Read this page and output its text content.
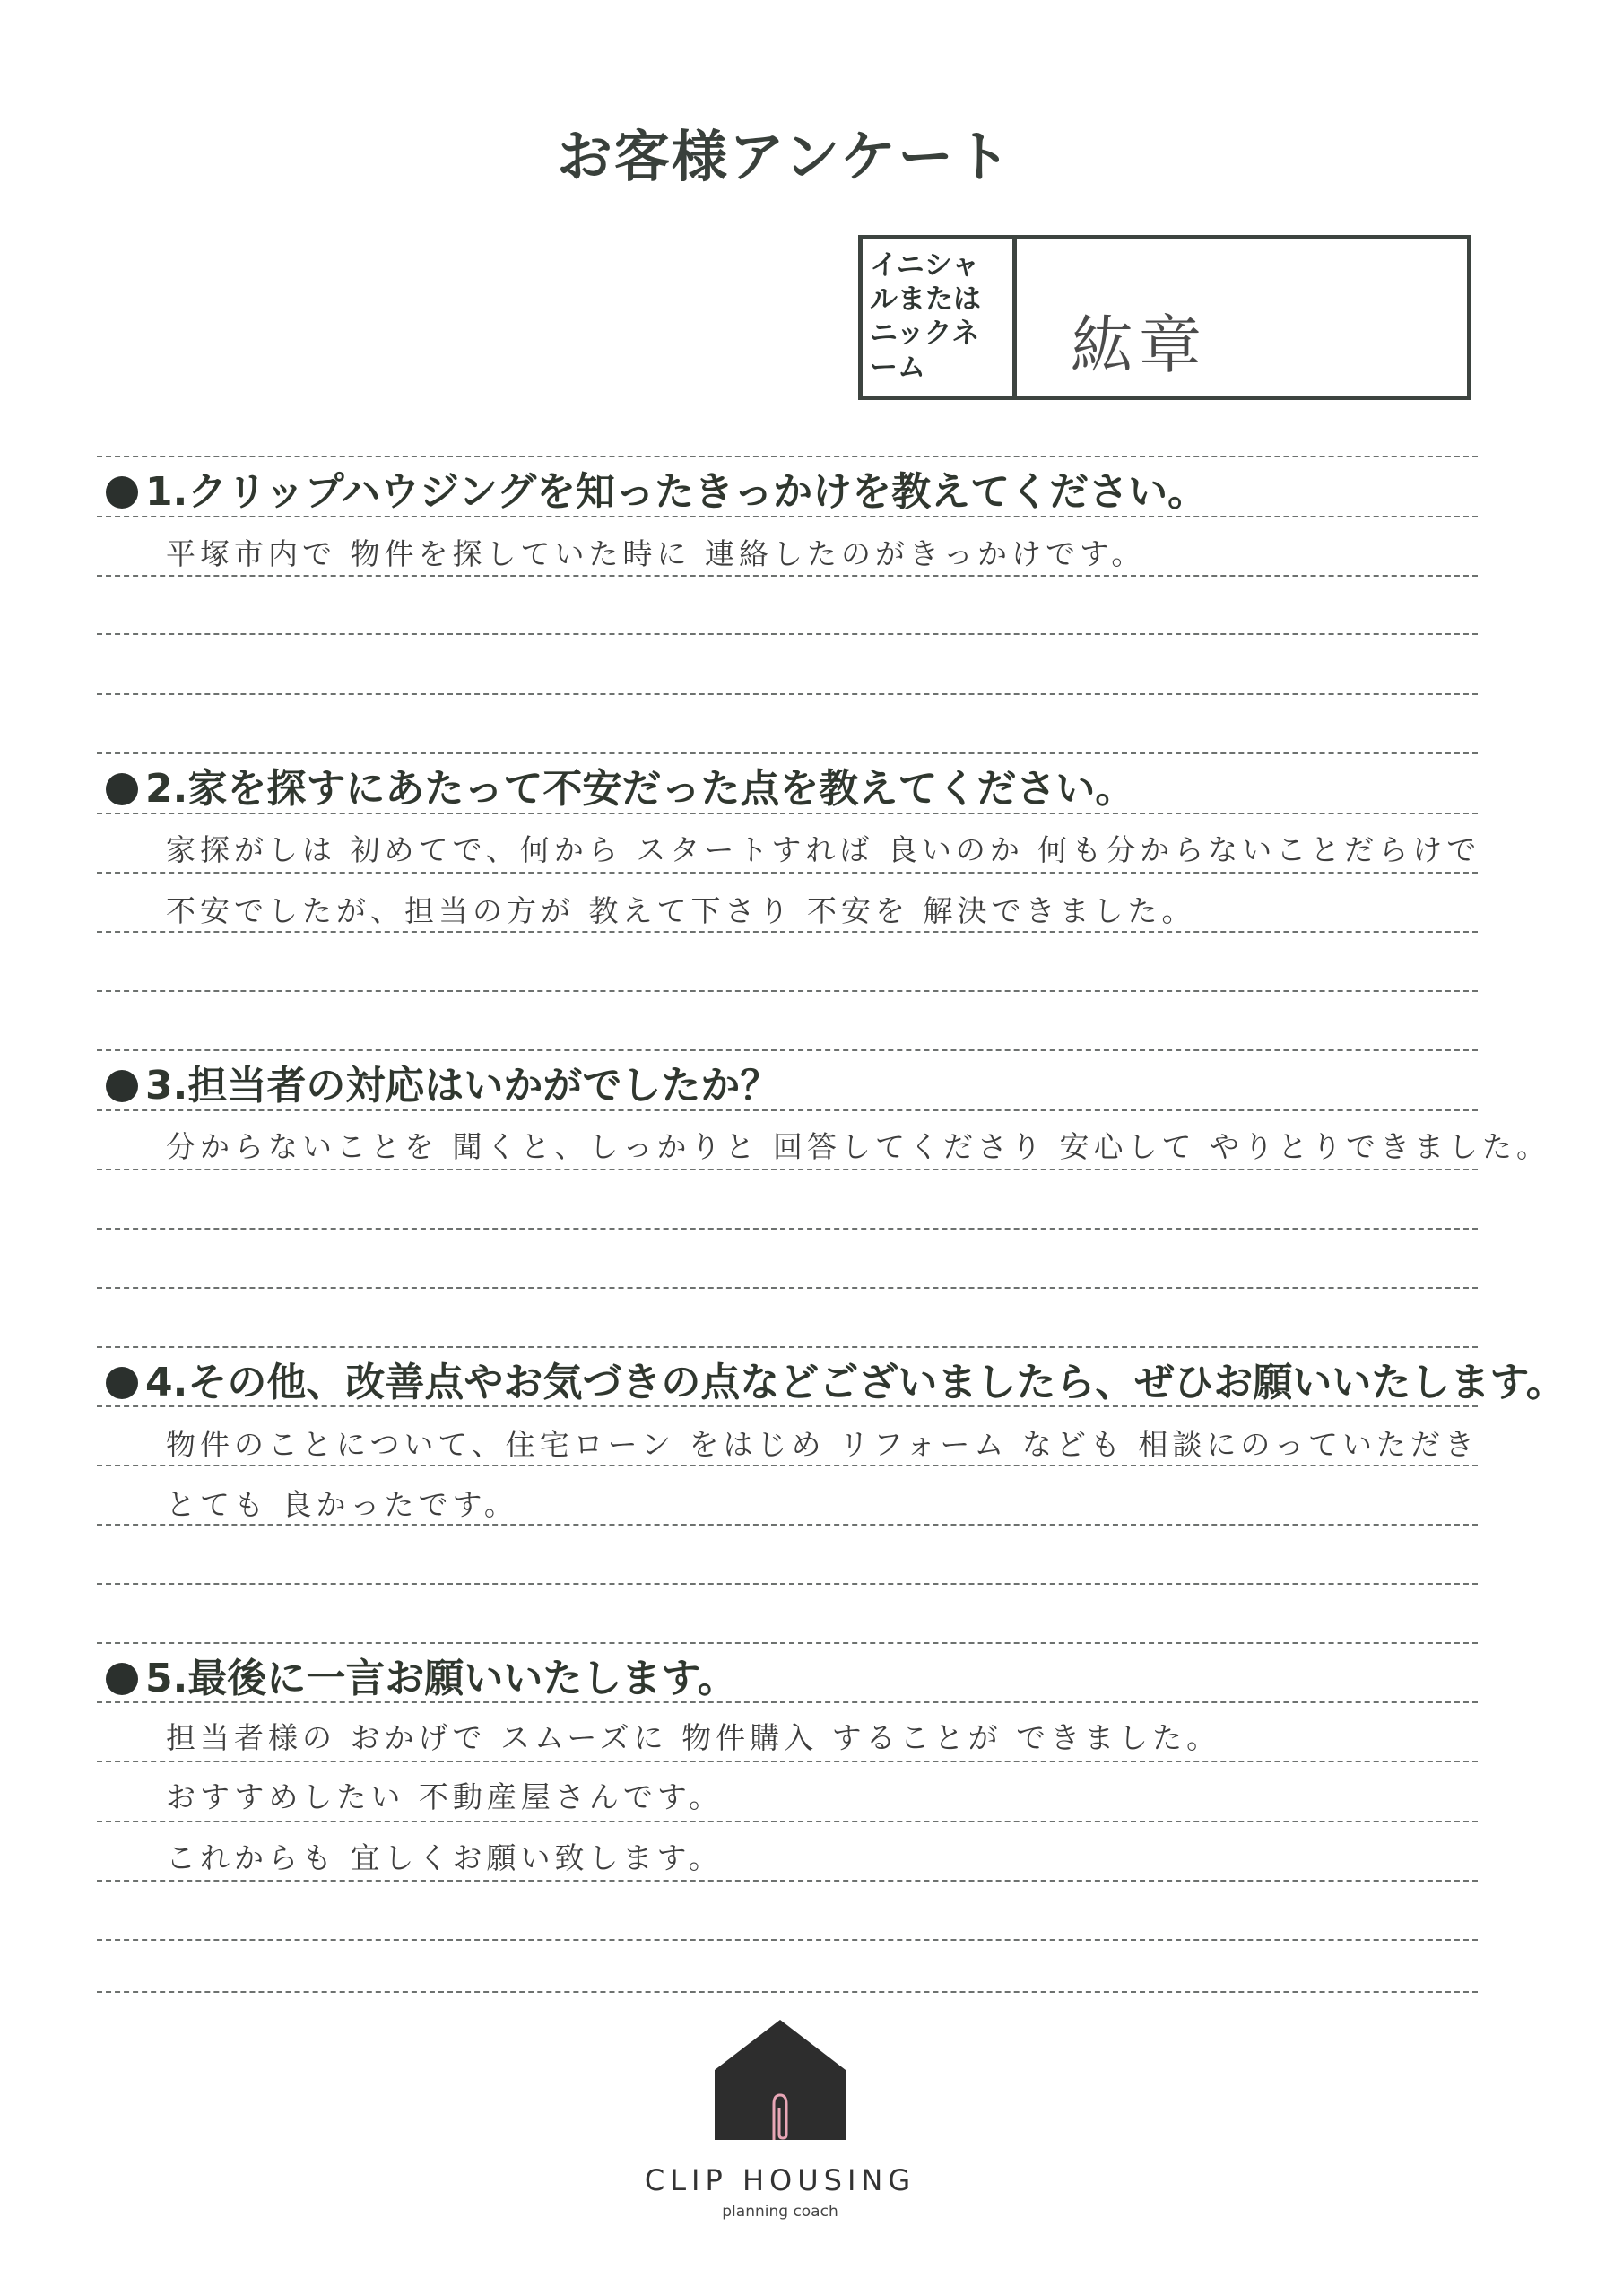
お客様アンケート
イニシャルまたはニックネーム	紘章
1.クリップハウジングを知ったきっかけを教えてください。
平塚市内で 物件を探していた時に 連絡したのがきっかけです。
2.家を探すにあたって不安だった点を教えてください。
家探がしは 初めてで、何から スタートすれば 良いのか 何も分からないことだらけで
不安でしたが、担当の方が 教えて下さり 不安を 解決できました。
3.担当者の対応はいかがでしたか？
分からないことを 聞くと、しっかりと 回答してくださり 安心して やりとりできました。
4.その他、改善点やお気づきの点などございましたら、ぜひお願いいたします。
物件のことについて、住宅ローン をはじめ リフォーム なども 相談にのっていただき
とても 良かったです。
5.最後に一言お願いいたします。
担当者様の おかげで スムーズに 物件購入 することが できました。
おすすめしたい 不動産屋さんです。
これからも 宜しくお願い致します。
CLIP HOUSING
planning coach
